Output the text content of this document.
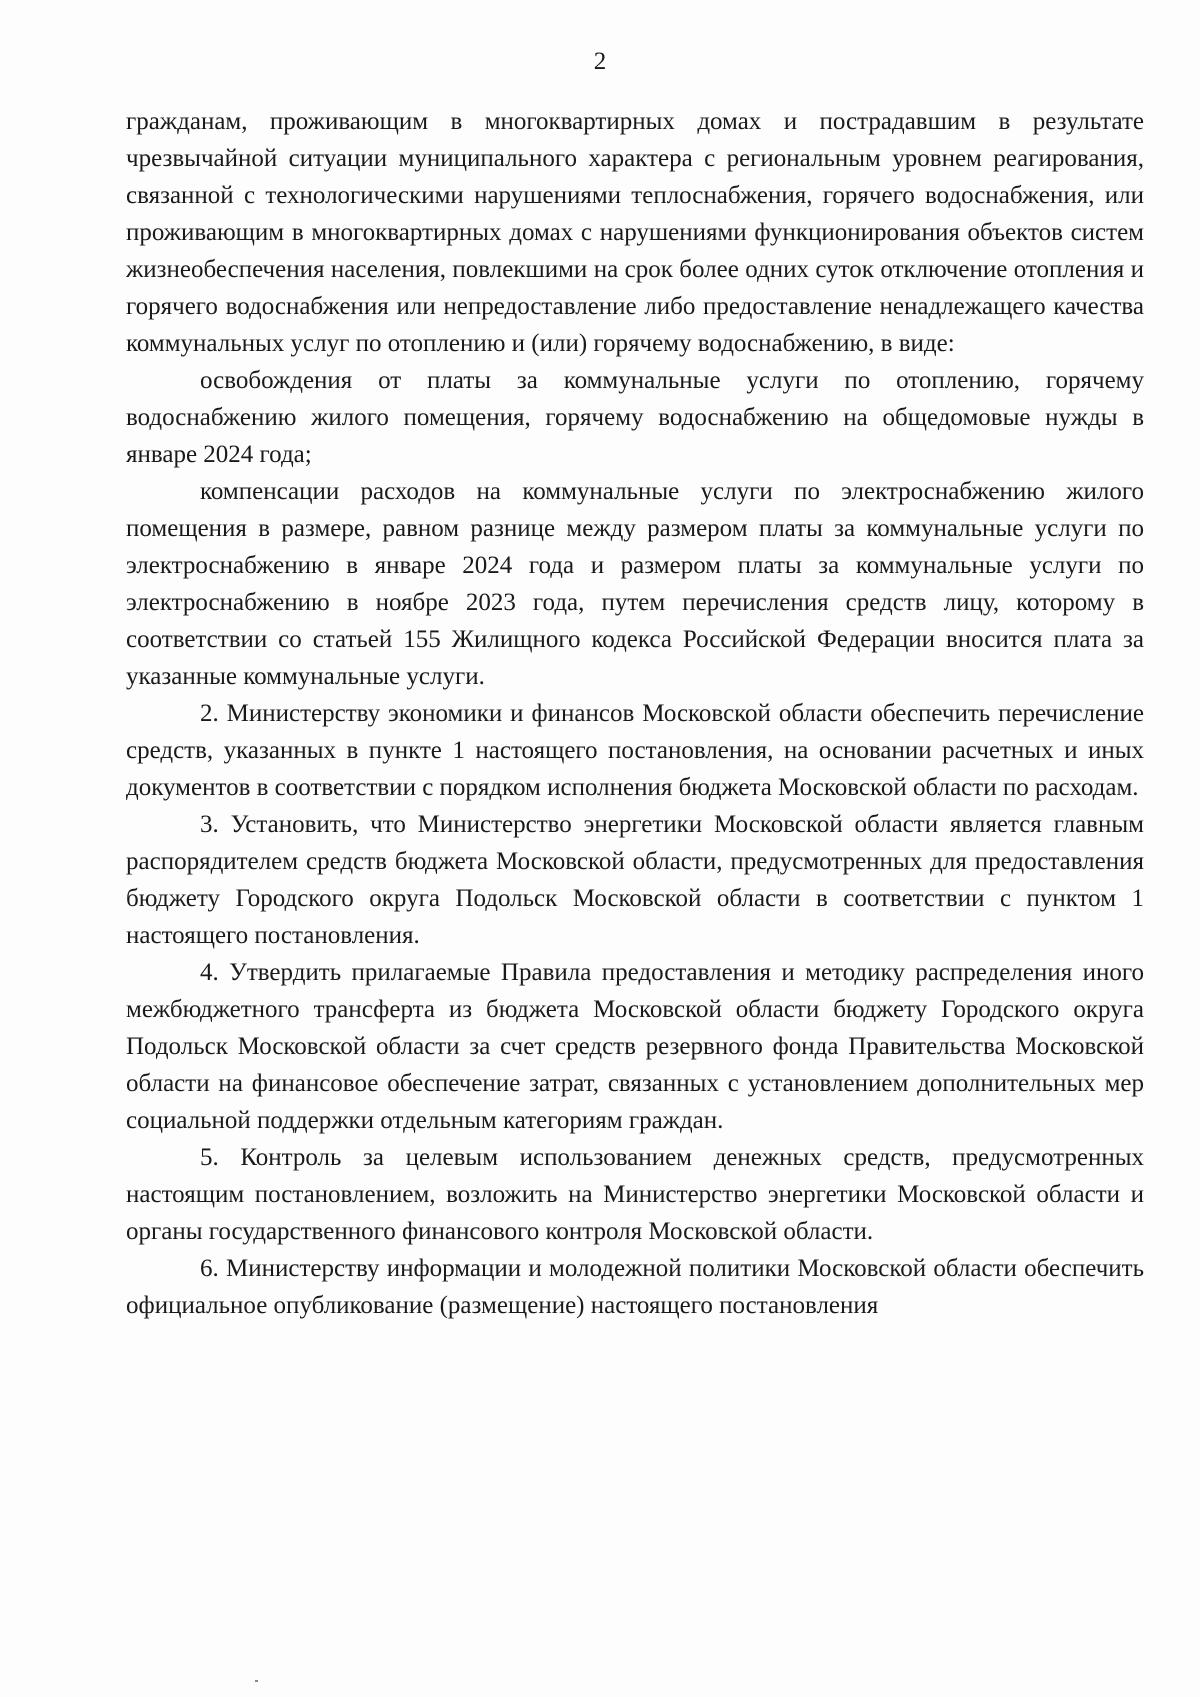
2

гражданам, проживающим в многоквартирных домах и пострадавшим в результате чрезвычайной ситуации муниципального характера с региональным уровнем реагирования, связанной с технологическими нарушениями теплоснабжения, горячего водоснабжения, или проживающим в многоквартирных домах с нарушениями функционирования объектов систем жизнеобеспечения населения, повлекшими на срок более одних суток отключение отопления и горячего водоснабжения или непредоставление либо предоставление ненадлежащего качества коммунальных услуг по отоплению и (или) горячему водоснабжению, в виде:

освобождения от платы за коммунальные услуги по отоплению, горячему водоснабжению жилого помещения, горячему водоснабжению на общедомовые нужды в январе 2024 года;

компенсации расходов на коммунальные услуги по электроснабжению жилого помещения в размере, равном разнице между размером платы за коммунальные услуги по электроснабжению в январе 2024 года и размером платы за коммунальные услуги по электроснабжению в ноябре 2023 года, путем перечисления средств лицу, которому в соответствии со статьей 155 Жилищного кодекса Российской Федерации вносится плата за указанные коммунальные услуги.

2. Министерству экономики и финансов Московской области обеспечить перечисление средств, указанных в пункте 1 настоящего постановления, на основании расчетных и иных документов в соответствии с порядком исполнения бюджета Московской области по расходам.

3. Установить, что Министерство энергетики Московской области является главным распорядителем средств бюджета Московской области, предусмотренных для предоставления бюджету Городского округа Подольск Московской области в соответствии с пунктом 1 настоящего постановления.

4. Утвердить прилагаемые Правила предоставления и методику распределения иного межбюджетного трансферта из бюджета Московской области бюджету Городского округа Подольск Московской области за счет средств резервного фонда Правительства Московской области на финансовое обеспечение затрат, связанных с установлением дополнительных мер социальной поддержки отдельным категориям граждан.

5. Контроль за целевым использованием денежных средств, предусмотренных настоящим постановлением, возложить на Министерство энергетики Московской области и органы государственного финансового контроля Московской области.

6. Министерству информации и молодежной политики Московской области обеспечить официальное опубликование (размещение) настоящего постановления
